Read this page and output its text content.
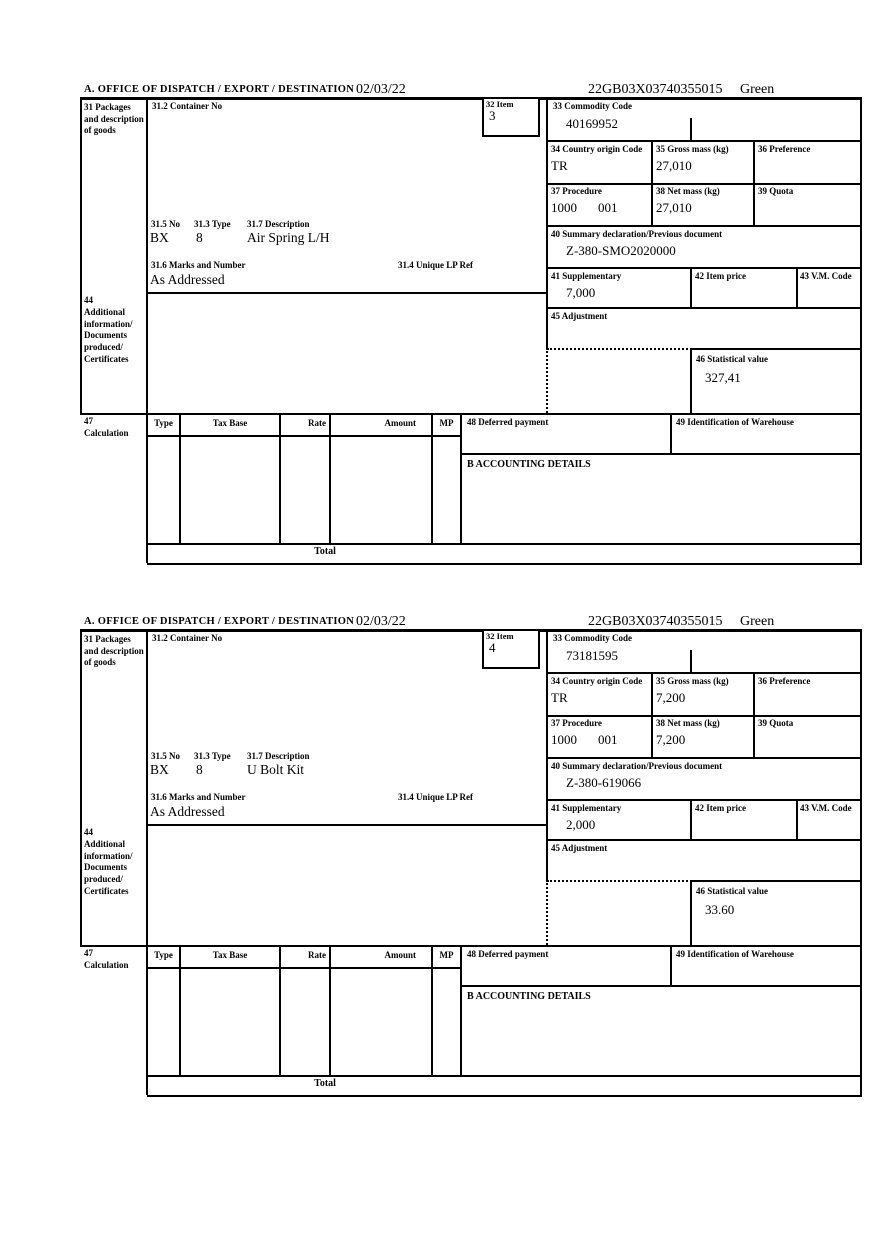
A. OFFICE OF DISPATCH / EXPORT / DESTINATION 02/03/22	22GB03X03740355015 Green
31 Packages and description of goods
44
Additional information/ Documents produced/ Certificates
47
Calculation
31.2 Container No	32 Item
3
31.5 No 31.3 Type 31.7 Description
BX 8	Air Spring L/H
31.6 Marks and Number	31.4 Unique LP Ref
As Addressed
33 Commodity Code
40169952
34 Country origin Code
TR
35 Gross mass (kg)
27,010
36 Preference
37 Procedure
1000 001
38 Net mass (kg)
27,010
39 Quota
40 Summary declaration/Previous document
Z-380-SMO2020000
41 Supplementary
7,000
42 Item price	43 V.M. Code
45 Adjustment
46 Statistical value
327,41
Type	Tax Base	Rate	Amount	MP	48 Deferred payment	49 Identification of Warehouse
B ACCOUNTING DETAILS
Total
A. OFFICE OF DISPATCH / EXPORT / DESTINATION 02/03/22	22GB03X03740355015 Green
31 Packages and description of goods
44
Additional information/ Documents produced/ Certificates
47
Calculation
31.2 Container No	32 Item
4
31.5 No 31.3 Type 31.7 Description
BX 8	U Bolt Kit
31.6 Marks and Number	31.4 Unique LP Ref
As Addressed
33 Commodity Code
73181595
34 Country origin Code
TR
35 Gross mass (kg)
7,200
36 Preference
37 Procedure
1000 001
38 Net mass (kg)
7,200
39 Quota
40 Summary declaration/Previous document
Z-380-619066
41 Supplementary
2,000
42 Item price	43 V.M. Code
45 Adjustment
46 Statistical value
33.60
Type	Tax Base	Rate	Amount	MP	48 Deferred payment	49 Identification of Warehouse
B ACCOUNTING DETAILS
Total
